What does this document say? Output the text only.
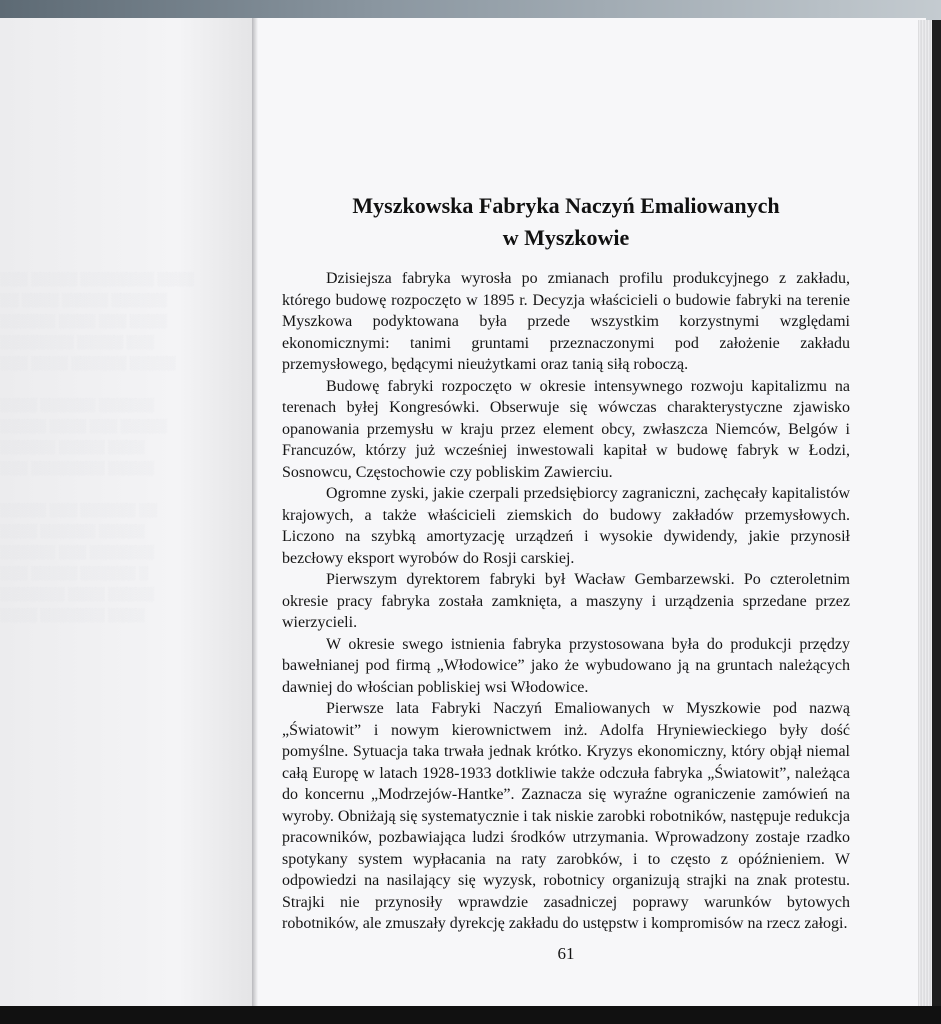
░░░ ░░░░░ ░░░░░░░░ ░░░░
░░ ░░░░ ░░░░░ ░░░░░░
░░░░░░ ░░░░ ░░░ ░░░░
░░░░░░░░ ░░░░░ ░░░
░░░ ░░░░ ░░░░░░ ░░░░░

░░░░ ░░░░░░ ░░░░░░
░░░░░ ░░░░ ░░░ ░░░░░
░░░░░░ ░░░░░ ░░░░
░░░ ░░░░░░░░ ░░░░░

░░░░░ ░░░ ░░░░░░ ░░
░░░░ ░░░░░░ ░░░░░
░░░░░░ ░░░ ░░░░░░░
░░░ ░░░░░ ░░░░░░ ░
░░░░░░░ ░░░░ ░░░░░
░░░░ ░░░░░░░ ░░░░
Myszkowska Fabryka Naczyń Emaliowanych
w Myszkowie

Dzisiejsza fabryka wyrosła po zmianach profilu produkcyjnego z zakładu, którego budowę rozpoczęto w 1895 r. Decyzja właścicieli o budowie fabryki na terenie Myszkowa podyktowana była przede wszystkim korzystnymi względami ekonomicznymi: tanimi gruntami przeznaczonymi pod założenie zakładu przemysłowego, będącymi nieużytkami oraz tanią siłą roboczą.

Budowę fabryki rozpoczęto w okresie intensywnego rozwoju kapitalizmu na terenach byłej Kongresówki. Obserwuje się wówczas charakterystyczne zjawisko opanowania przemysłu w kraju przez element obcy, zwłaszcza Niemców, Belgów i Francuzów, którzy już wcześniej inwestowali kapitał w budowę fabryk w Łodzi, Sosnowcu, Częstochowie czy pobliskim Zawierciu.

Ogromne zyski, jakie czerpali przedsiębiorcy zagraniczni, zachęcały kapitalistów krajowych, a także właścicieli ziemskich do budowy zakładów przemysłowych. Liczono na szybką amortyzację urządzeń i wysokie dywidendy, jakie przynosił bezcłowy eksport wyrobów do Rosji carskiej.

Pierwszym dyrektorem fabryki był Wacław Gembarzewski. Po czteroletnim okresie pracy fabryka została zamknięta, a maszyny i urządzenia sprzedane przez wierzycieli.

W okresie swego istnienia fabryka przystosowana była do produkcji przędzy bawełnianej pod firmą „Włodowice” jako że wybudowano ją na gruntach należących dawniej do włościan pobliskiej wsi Włodowice.

Pierwsze lata Fabryki Naczyń Emaliowanych w Myszkowie pod nazwą „Światowit” i nowym kierownictwem inż. Adolfa Hryniewieckiego były dość pomyślne. Sytuacja taka trwała jednak krótko. Kryzys ekonomiczny, który objął niemal całą Europę w latach 1928-1933 dotkliwie także odczuła fabryka „Światowit”, należąca do koncernu „Modrzejów-Hantke”. Zaznacza się wyraźne ograniczenie zamówień na wyroby. Obniżają się systematycznie i tak niskie zarobki robotników, następuje redukcja pracowników, pozbawiająca ludzi środków utrzymania. Wprowadzony zostaje rzadko spotykany system wypłacania na raty zarobków, i to często z opóźnieniem. W odpowiedzi na nasilający się wyzysk, robotnicy organizują strajki na znak protestu. Strajki nie przynosiły wprawdzie zasadniczej poprawy warunków bytowych robotników, ale zmuszały dyrekcję zakładu do ustępstw i kompromisów na rzecz załogi.

61
